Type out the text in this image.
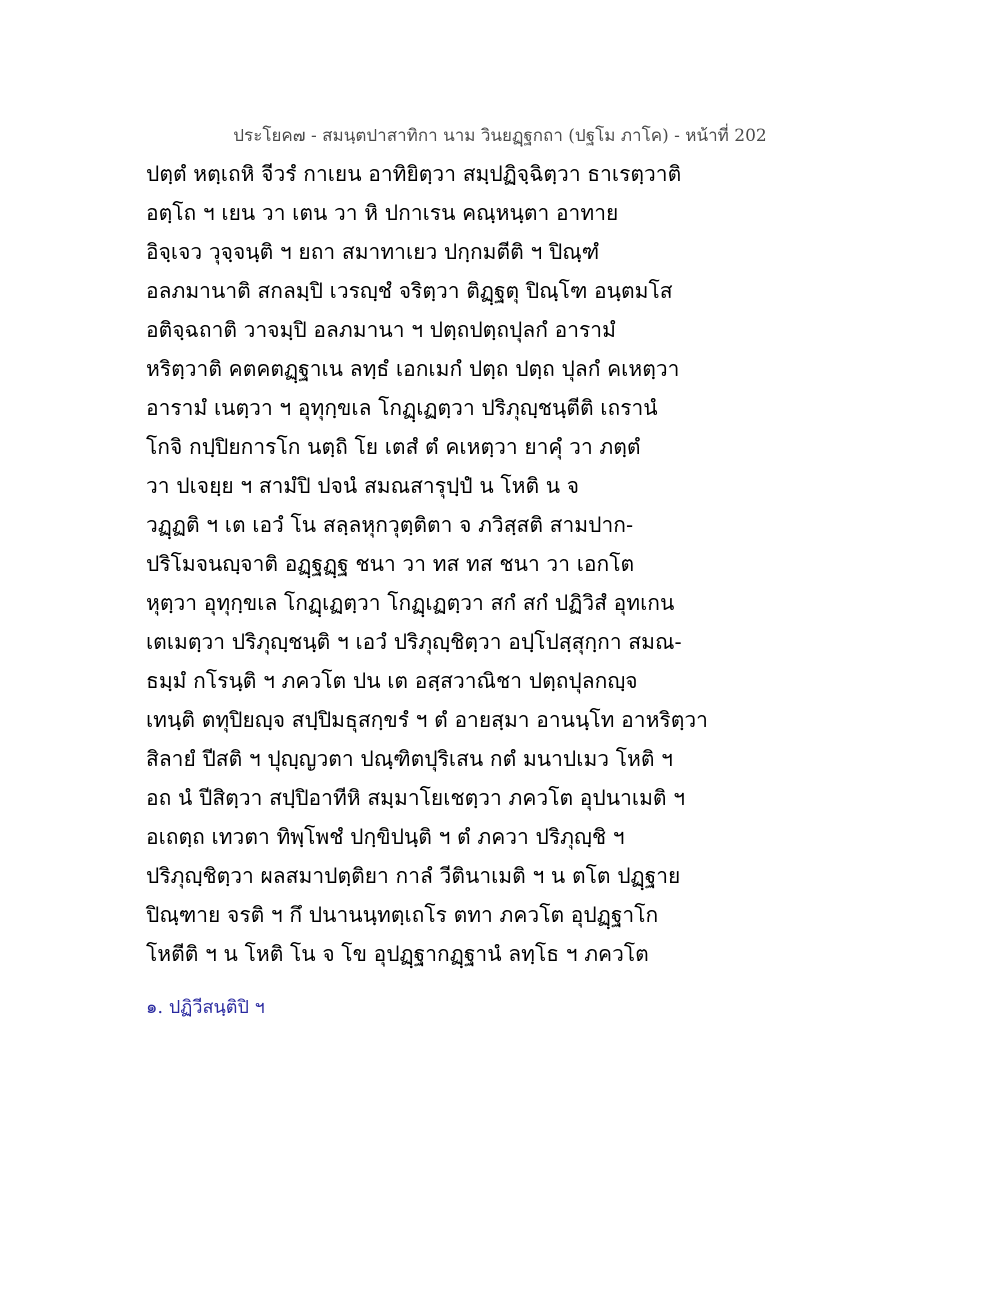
ประโยค๗ - สมนฺตปาสาทิกา นาม วินยฏฺฐกถา (ปฐโม ภาโค) - หน้าที่ 202
ปตฺตํ หตฺเถหิ จีวรํ กาเยน อาทิยิตฺวา สมฺปฏิจฺฉิตฺวา ธาเรตฺวาติ
อตฺโถ ฯ เยน วา เตน วา หิ ปกาเรน คณฺหนฺตา อาทาย
อิจฺเจว วุจฺจนฺติ ฯ ยถา สมาทาเยว ปกฺกมตีติ ฯ ปิณฺฑํ
อลภมานาติ สกลมฺปิ เวรญฺชํ จริตฺวา ติฏฺฐตุ ปิณฺโฑ อนฺตมโส
อติจฺฉถาติ วาจมฺปิ อลภมานา ฯ ปตฺถปตฺถปุลกํ อารามํ
หริตฺวาติ คตคตฏฺฐาเน ลทฺธํ เอกเมกํ ปตฺถ ปตฺถ ปุลกํ คเหตฺวา
อารามํ เนตฺวา ฯ อุทุกฺขเล โกฏฺเฏตฺวา ปริภุญฺชนฺตีติ เถรานํ
โกจิ กปฺปิยการโก นตฺถิ โย เตสํ ตํ คเหตฺวา ยาคุํ วา ภตฺตํ
วา ปเจยฺย ฯ สามํปิ ปจนํ สมณสารุปฺปํ น โหติ น จ
วฏฺฏติ ฯ เต เอวํ โน สลฺลหุกวุตฺติตา จ ภวิสฺสติ สามปาก-
ปริโมจนญฺจาติ อฏฺฐฏฺฐ ชนา วา ทส ทส ชนา วา เอกโต
หุตฺวา อุทุกฺขเล โกฏฺเฏตฺวา โกฏฺเฏตฺวา สกํ สกํ ปฏิวิสํ อุทเกน
เตเมตฺวา ปริภุญฺชนฺติ ฯ เอวํ ปริภุญฺชิตฺวา อปฺโปสฺสุกฺกา สมณ-
ธมฺมํ กโรนฺติ ฯ ภควโต ปน เต อสฺสวาณิชา ปตฺถปุลกญฺจ
เทนฺติ ตทุปิยญฺจ สปฺปิมธุสกฺขรํ ฯ ตํ อายสฺมา อานนฺโท อาหริตฺวา
สิลายํ ปีสติ ฯ ปุญฺญวตา ปณฺฑิตปุริเสน กตํ มนาปเมว โหติ ฯ
อถ นํ ปีสิตฺวา สปฺปิอาทีหิ สมฺมาโยเชตฺวา ภควโต อุปนาเมติ ฯ
อเถตฺถ เทวตา ทิพฺโพชํ ปกฺขิปนฺติ ฯ ตํ ภควา ปริภุญฺชิ ฯ
ปริภุญฺชิตฺวา ผลสมาปตฺติยา กาลํ วีตินาเมติ ฯ น ตโต ปฏฺฐาย
ปิณฺฑาย จรติ ฯ กึ ปนานนฺทตฺเถโร ตทา ภควโต อุปฏฺฐาโก
โหตีติ ฯ น โหติ โน จ โข อุปฏฺฐากฏฺฐานํ ลทฺโธ ฯ ภควโต
๑. ปฏิวีสนฺติปิ ฯ
